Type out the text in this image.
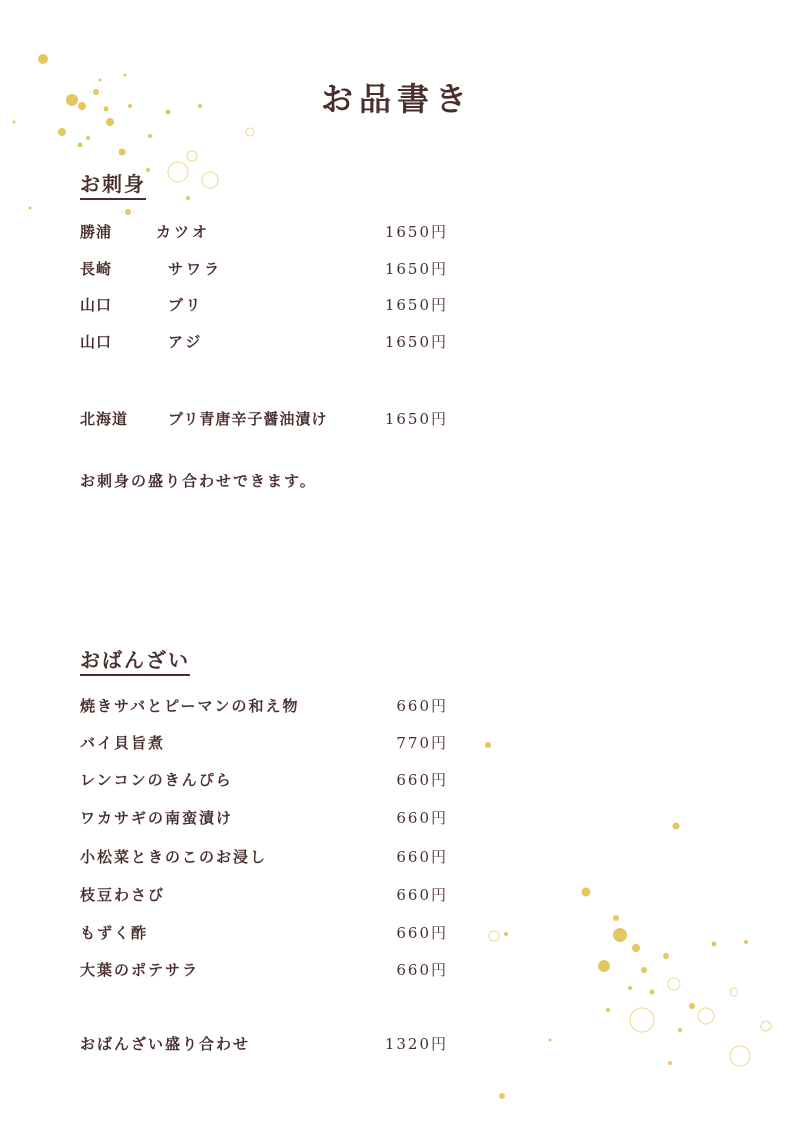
お品書き
お刺身
勝浦	カツオ	1650円
長崎	サワラ	1650円
山口	ブリ	1650円
山口	アジ	1650円
北海道	ブリ青唐辛子醤油漬け	1650円
お刺身の盛り合わせできます。
おばんざい
焼きサバとピーマンの和え物	660円
バイ貝旨煮	770円
レンコンのきんぴら	660円
ワカサギの南蛮漬け	660円
小松菜ときのこのお浸し	660円
枝豆わさび	660円
もずく酢	660円
大葉のポテサラ	660円
おばんざい盛り合わせ	1320円
